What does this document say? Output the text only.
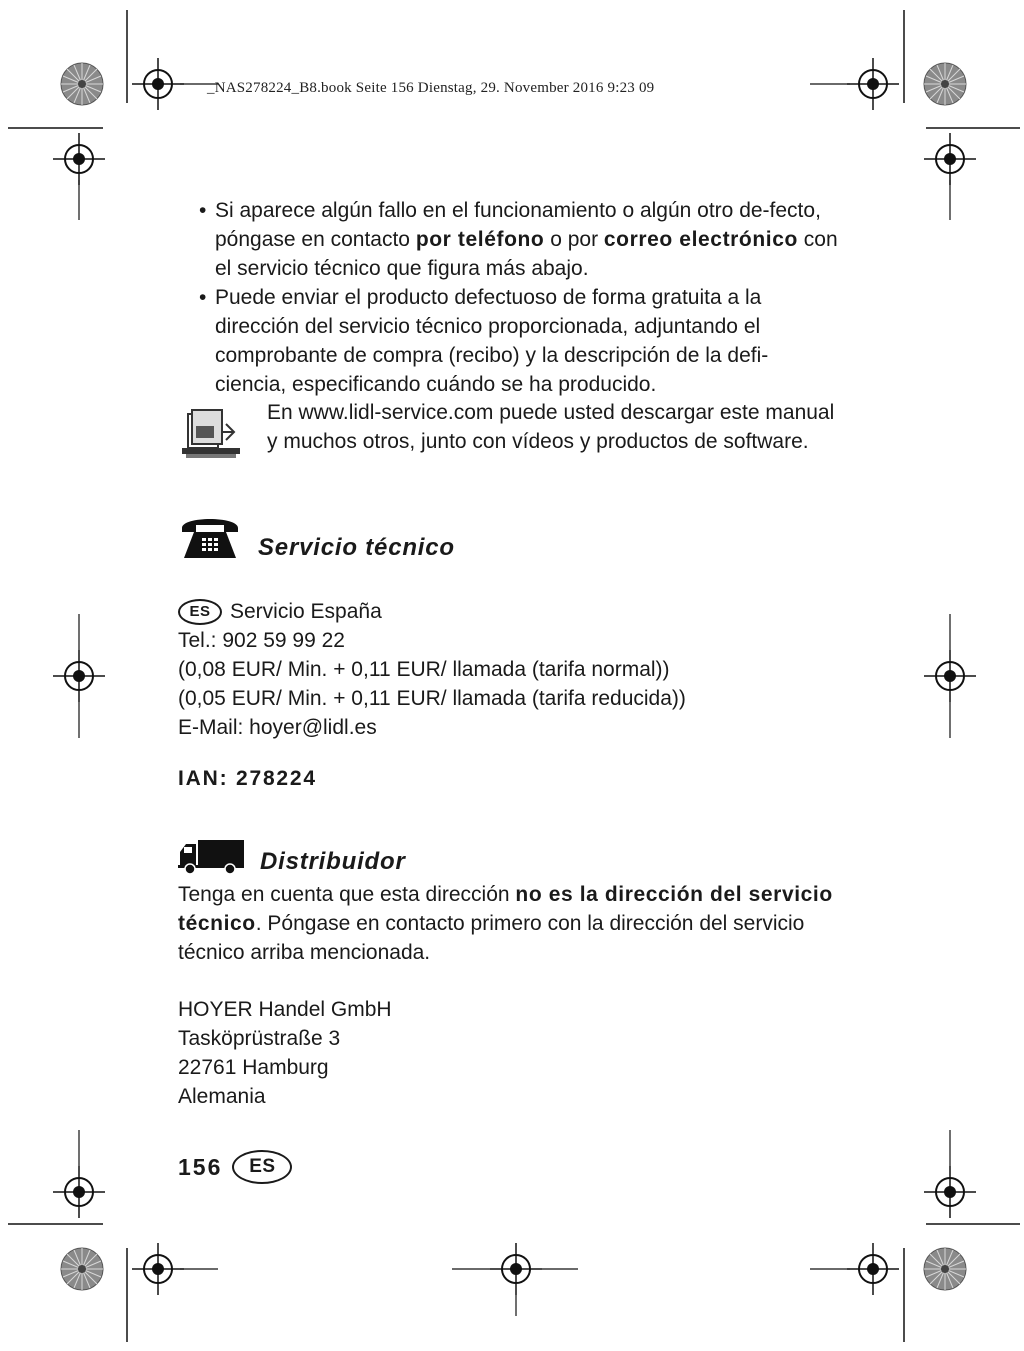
_NAS278224_B8.book Seite 156 Dienstag, 29. November 2016 9:23 09
• Si aparece algún fallo en el funcionamiento o algún otro de-fecto, póngase en contacto por teléfono o por correo electrónico con el servicio técnico que figura más abajo.
• Puede enviar el producto defectuoso de forma gratuita a la dirección del servicio técnico proporcionada, adjuntando el comprobante de compra (recibo) y la descripción de la defi-ciencia, especificando cuándo se ha producido.
En www.lidl-service.com puede usted descargar este manual y muchos otros, junto con vídeos y productos de software.
Servicio técnico
ES Servicio España
Tel.: 902 59 99 22
(0,08 EUR/ Min. + 0,11 EUR/ llamada (tarifa normal))
(0,05 EUR/ Min. + 0,11 EUR/ llamada (tarifa reducida))
E-Mail: hoyer@lidl.es
IAN: 278224
Distribuidor
Tenga en cuenta que esta dirección no es la dirección del servicio técnico. Póngase en contacto primero con la dirección del servicio técnico arriba mencionada.
HOYER Handel GmbH
Tasköprüstraße 3
22761 Hamburg
Alemania
156	ES
